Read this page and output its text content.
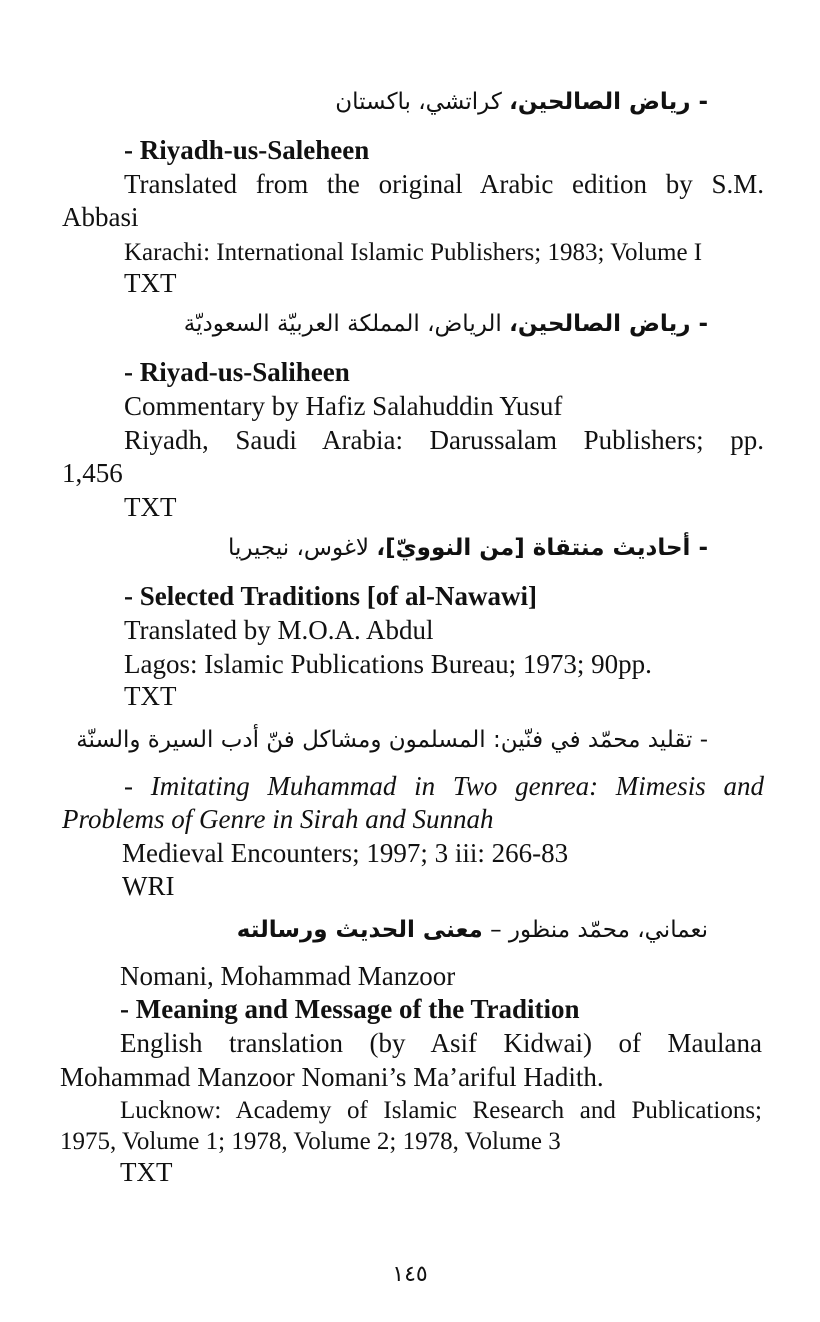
- رياض الصالحين، كراتشي، باكستان
- Riyadh-us-Saleheen
Translated from the original Arabic edition by S.M.
Abbasi
Karachi: International Islamic Publishers; 1983; Volume I
TXT
- رياض الصالحين، الرياض، المملكة العربيّة السعوديّة
- Riyad-us-Saliheen
Commentary by Hafiz Salahuddin Yusuf
Riyadh, Saudi Arabia: Darussalam Publishers; pp.
1,456
TXT
- أحاديث منتقاة [من النوويّ]، لاغوس، نيجيريا
- Selected Traditions [of al-Nawawi]
Translated by M.O.A. Abdul
Lagos: Islamic Publications Bureau; 1973; 90pp.
TXT
- تقليد محمّد في فنّين: المسلمون ومشاكل فنّ أدب السيرة والسنّة
- Imitating Muhammad in Two genrea: Mimesis and
Problems of Genre in Sirah and Sunnah
Medieval Encounters; 1997; 3 iii: 266-83
WRI
نعماني، محمّد منظور – معنى الحديث ورسالته
Nomani, Mohammad Manzoor
- Meaning and Message of the Tradition
English translation (by Asif Kidwai) of Maulana
Mohammad Manzoor Nomani’s Ma’ariful Hadith.
Lucknow: Academy of Islamic Research and Publications;
1975, Volume 1; 1978, Volume 2; 1978, Volume 3
TXT
١٤٥
